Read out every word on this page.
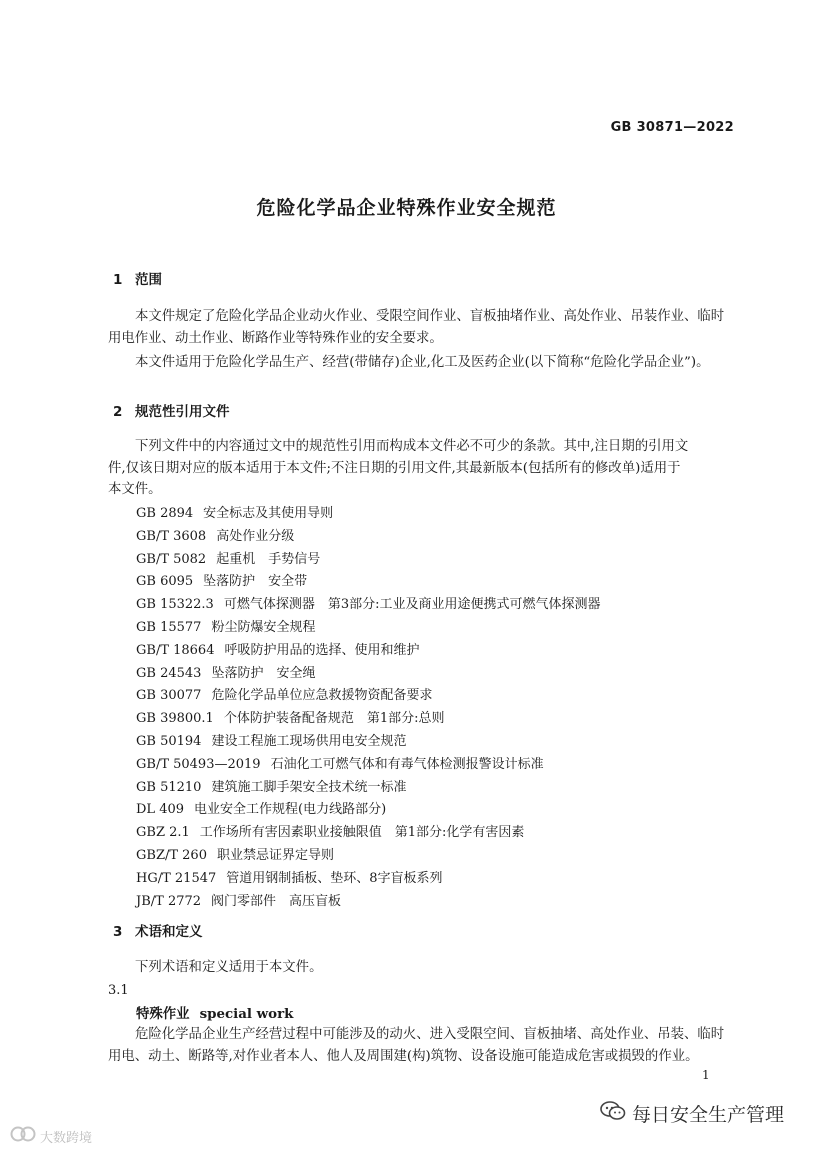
GB 30871—2022
危险化学品企业特殊作业安全规范
1 范围
本文件规定了危险化学品企业动火作业、受限空间作业、盲板抽堵作业、高处作业、吊装作业、临时
用电作业、动土作业、断路作业等特殊作业的安全要求。
本文件适用于危险化学品生产、经营(带储存)企业,化工及医药企业(以下简称“危险化学品企业”)。
2 规范性引用文件
下列文件中的内容通过文中的规范性引用而构成本文件必不可少的条款。其中,注日期的引用文
件,仅该日期对应的版本适用于本文件;不注日期的引用文件,其最新版本(包括所有的修改单)适用于
本文件。
GB 2894 安全标志及其使用导则
GB/T 3608 高处作业分级
GB/T 5082 起重机　手势信号
GB 6095 坠落防护　安全带
GB 15322.3 可燃气体探测器　第3部分:工业及商业用途便携式可燃气体探测器
GB 15577 粉尘防爆安全规程
GB/T 18664 呼吸防护用品的选择、使用和维护
GB 24543 坠落防护　安全绳
GB 30077 危险化学品单位应急救援物资配备要求
GB 39800.1 个体防护装备配备规范　第1部分:总则
GB 50194 建设工程施工现场供用电安全规范
GB/T 50493—2019 石油化工可燃气体和有毒气体检测报警设计标准
GB 51210 建筑施工脚手架安全技术统一标准
DL 409 电业安全工作规程(电力线路部分)
GBZ 2.1 工作场所有害因素职业接触限值　第1部分:化学有害因素
GBZ/T 260 职业禁忌证界定导则
HG/T 21547 管道用钢制插板、垫环、8字盲板系列
JB/T 2772 阀门零部件　高压盲板
3 术语和定义
下列术语和定义适用于本文件。
3.1
特殊作业 special work
危险化学品企业生产经营过程中可能涉及的动火、进入受限空间、盲板抽堵、高处作业、吊装、临时
用电、动土、断路等,对作业者本人、他人及周围建(构)筑物、设备设施可能造成危害或损毁的作业。
1
每日安全生产管理
大数跨境
